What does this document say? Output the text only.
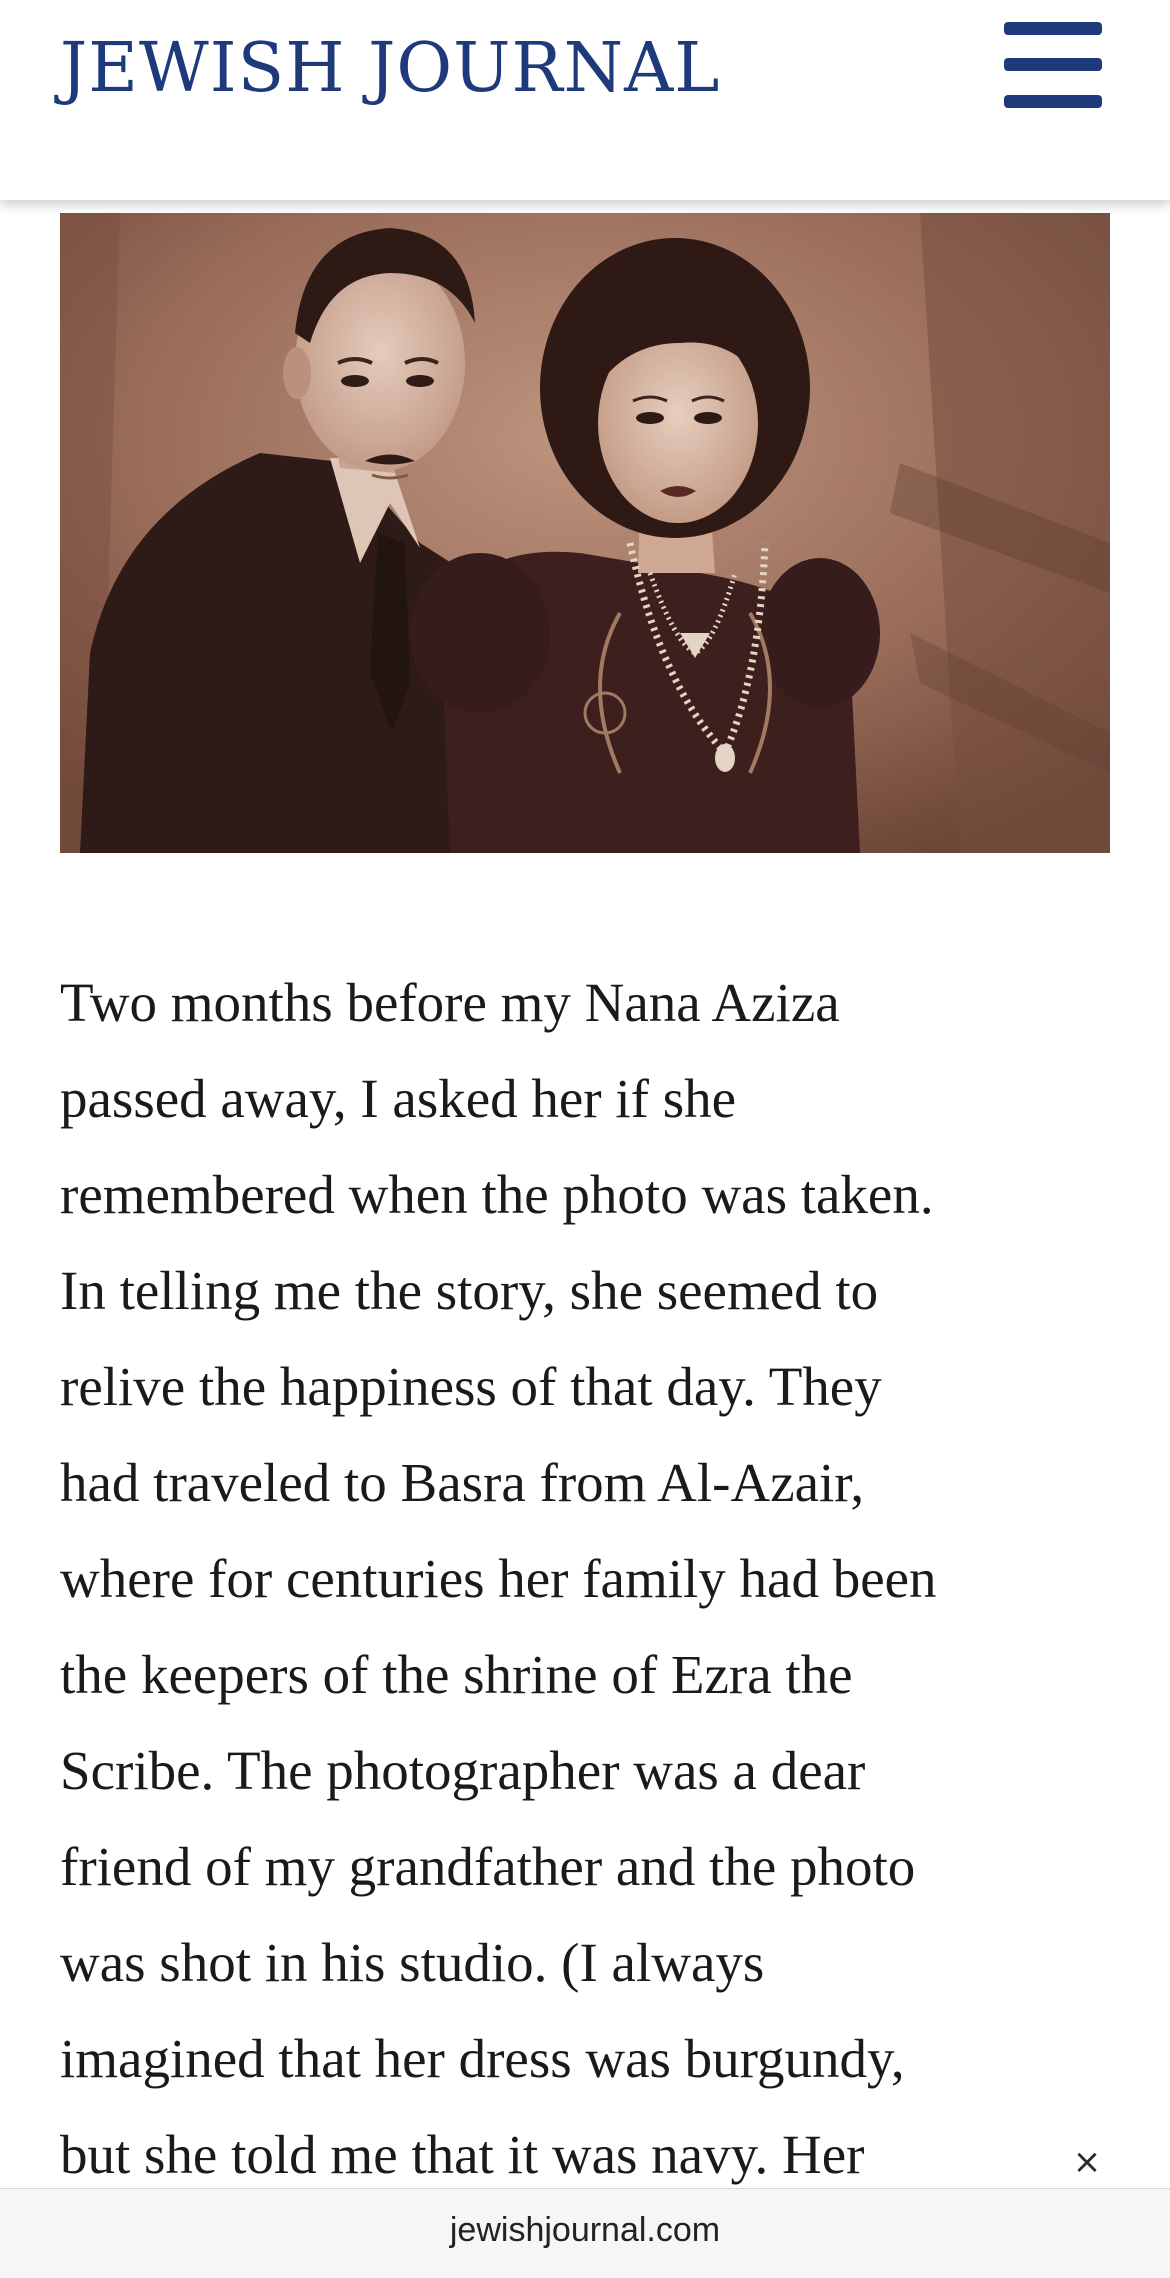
JEWISH JOURNAL

Two months before my Nana Aziza
passed away, I asked her if she
remembered when the photo was taken.
In telling me the story, she seemed to
relive the happiness of that day. They
had traveled to Basra from Al-Azair,
where for centuries her family had been
the keepers of the shrine of Ezra the
Scribe. The photographer was a dear
friend of my grandfather and the photo
was shot in his studio. (I always
imagined that her dress was burgundy,
but she told me that it was navy. Her	×
jewishjournal.com
